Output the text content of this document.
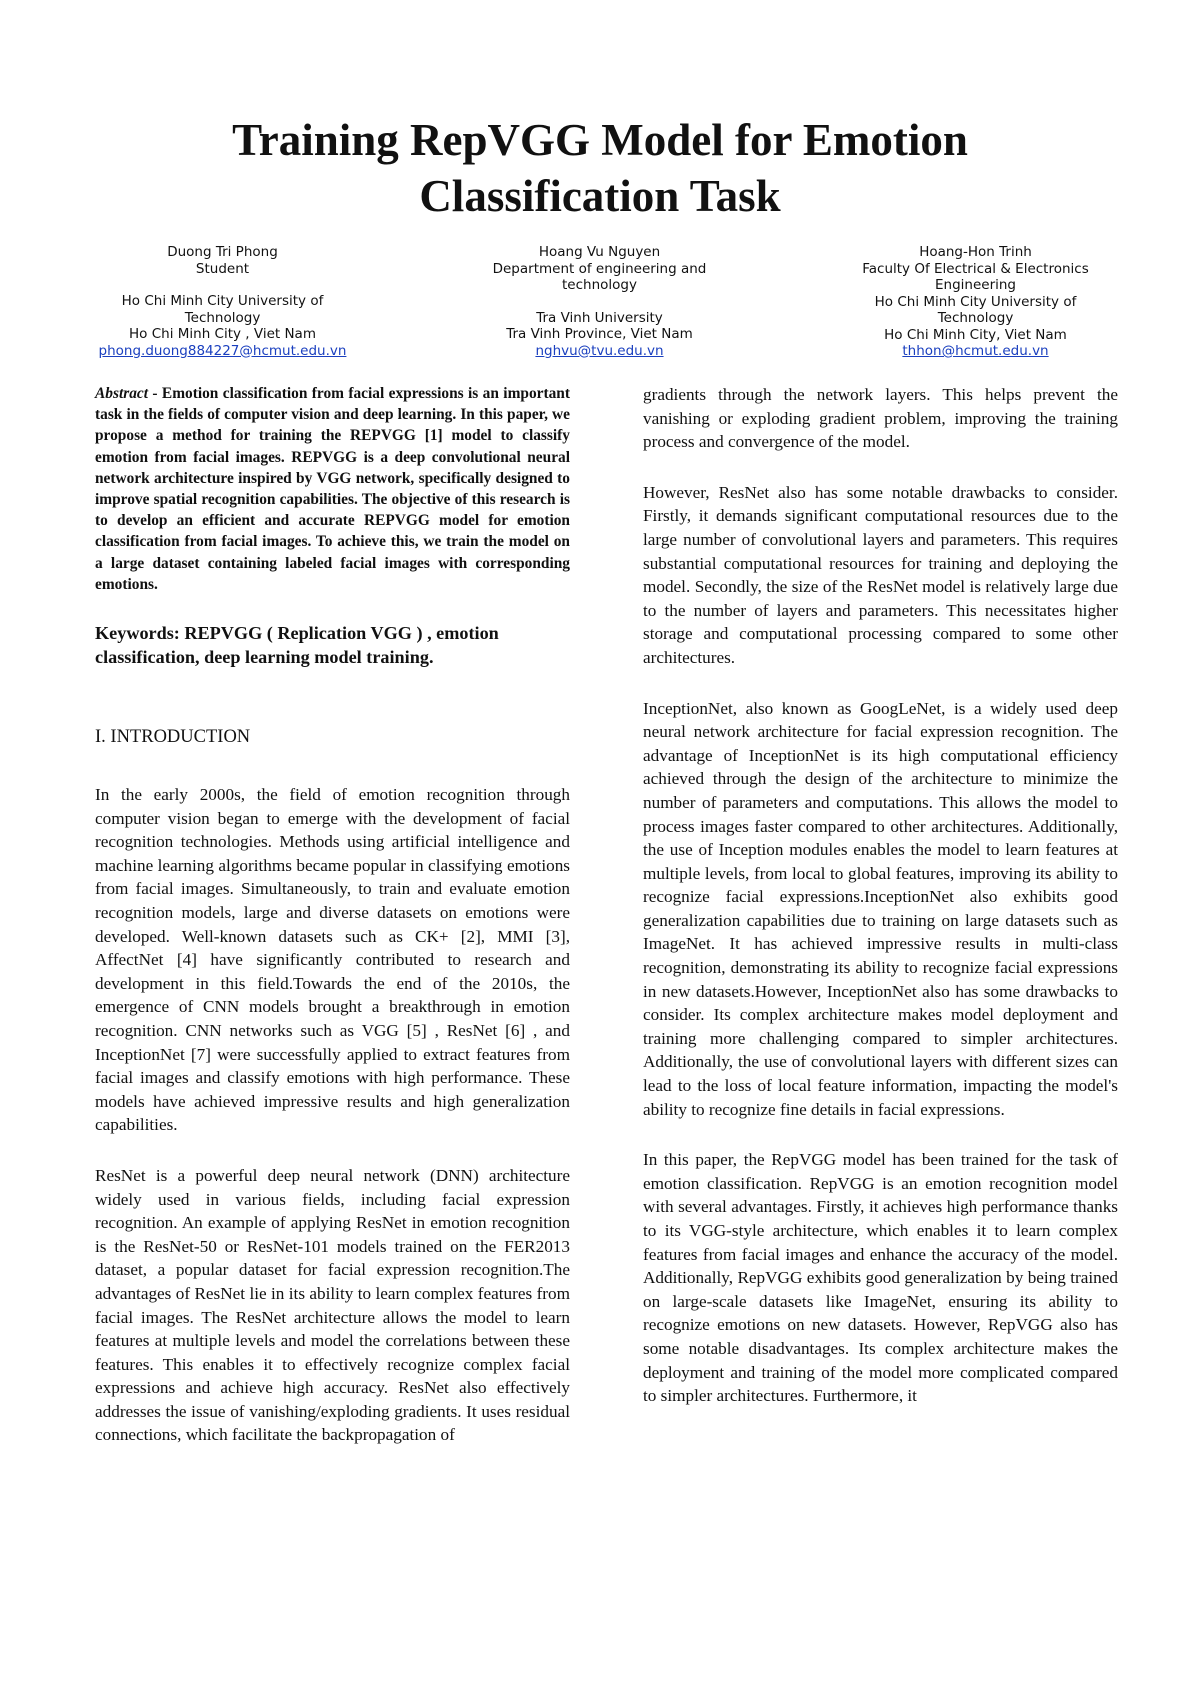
Training RepVGG Model for Emotion
Classification Task
Duong Tri Phong
Student
Ho Chi Minh City University of
Technology
Ho Chi Minh City , Viet Nam
phong.duong884227@hcmut.edu.vn
Hoang Vu Nguyen
Department of engineering and technology
Tra Vinh University
Tra Vinh Province, Viet Nam
nghvu@tvu.edu.vn
Hoang-Hon Trinh
Faculty Of Electrical & Electronics
Engineering
Ho Chi Minh City University of
Technology
Ho Chi Minh City, Viet Nam
thhon@hcmut.edu.vn

Abstract - Emotion classification from facial expressions is an important task in the fields of computer vision and deep learning. In this paper, we propose a method for training the REPVGG [1] model to classify emotion from facial images. REPVGG is a deep convolutional neural network architecture inspired by VGG network, specifically designed to improve spatial recognition capabilities. The objective of this research is to develop an efficient and accurate REPVGG model for emotion classification from facial images. To achieve this, we train the model on a large dataset containing labeled facial images with corresponding emotions.

Keywords: REPVGG ( Replication VGG ) , emotion classification, deep learning model training.

I. INTRODUCTION

In the early 2000s, the field of emotion recognition through computer vision began to emerge with the development of facial recognition technologies. Methods using artificial intelligence and machine learning algorithms became popular in classifying emotions from facial images. Simultaneously, to train and evaluate emotion recognition models, large and diverse datasets on emotions were developed. Well-known datasets such as CK+ [2], MMI [3], AffectNet [4] have significantly contributed to research and development in this field.Towards the end of the 2010s, the emergence of CNN models brought a breakthrough in emotion recognition. CNN networks such as VGG [5] , ResNet [6] , and InceptionNet [7] were successfully applied to extract features from facial images and classify emotions with high performance. These models have achieved impressive results and high generalization capabilities.

ResNet is a powerful deep neural network (DNN) architecture widely used in various fields, including facial expression recognition. An example of applying ResNet in emotion recognition is the ResNet-50 or ResNet-101 models trained on the FER2013 dataset, a popular dataset for facial expression recognition.The advantages of ResNet lie in its ability to learn complex features from facial images. The ResNet architecture allows the model to learn features at multiple levels and model the correlations between these features. This enables it to effectively recognize complex facial expressions and achieve high accuracy. ResNet also effectively addresses the issue of vanishing/exploding gradients. It uses residual connections, which facilitate the backpropagation of

gradients through the network layers. This helps prevent the vanishing or exploding gradient problem, improving the training process and convergence of the model.

However, ResNet also has some notable drawbacks to consider. Firstly, it demands significant computational resources due to the large number of convolutional layers and parameters. This requires substantial computational resources for training and deploying the model. Secondly, the size of the ResNet model is relatively large due to the number of layers and parameters. This necessitates higher storage and computational processing compared to some other architectures.

InceptionNet, also known as GoogLeNet, is a widely used deep neural network architecture for facial expression recognition. The advantage of InceptionNet is its high computational efficiency achieved through the design of the architecture to minimize the number of parameters and computations. This allows the model to process images faster compared to other architectures. Additionally, the use of Inception modules enables the model to learn features at multiple levels, from local to global features, improving its ability to recognize facial expressions.InceptionNet also exhibits good generalization capabilities due to training on large datasets such as ImageNet. It has achieved impressive results in multi-class recognition, demonstrating its ability to recognize facial expressions in new datasets.However, InceptionNet also has some drawbacks to consider. Its complex architecture makes model deployment and training more challenging compared to simpler architectures. Additionally, the use of convolutional layers with different sizes can lead to the loss of local feature information, impacting the model's ability to recognize fine details in facial expressions.

In this paper, the RepVGG model has been trained for the task of emotion classification. RepVGG is an emotion recognition model with several advantages. Firstly, it achieves high performance thanks to its VGG-style architecture, which enables it to learn complex features from facial images and enhance the accuracy of the model. Additionally, RepVGG exhibits good generalization by being trained on large-scale datasets like ImageNet, ensuring its ability to recognize emotions on new datasets. However, RepVGG also has some notable disadvantages. Its complex architecture makes the deployment and training of the model more complicated compared to simpler architectures. Furthermore, it
